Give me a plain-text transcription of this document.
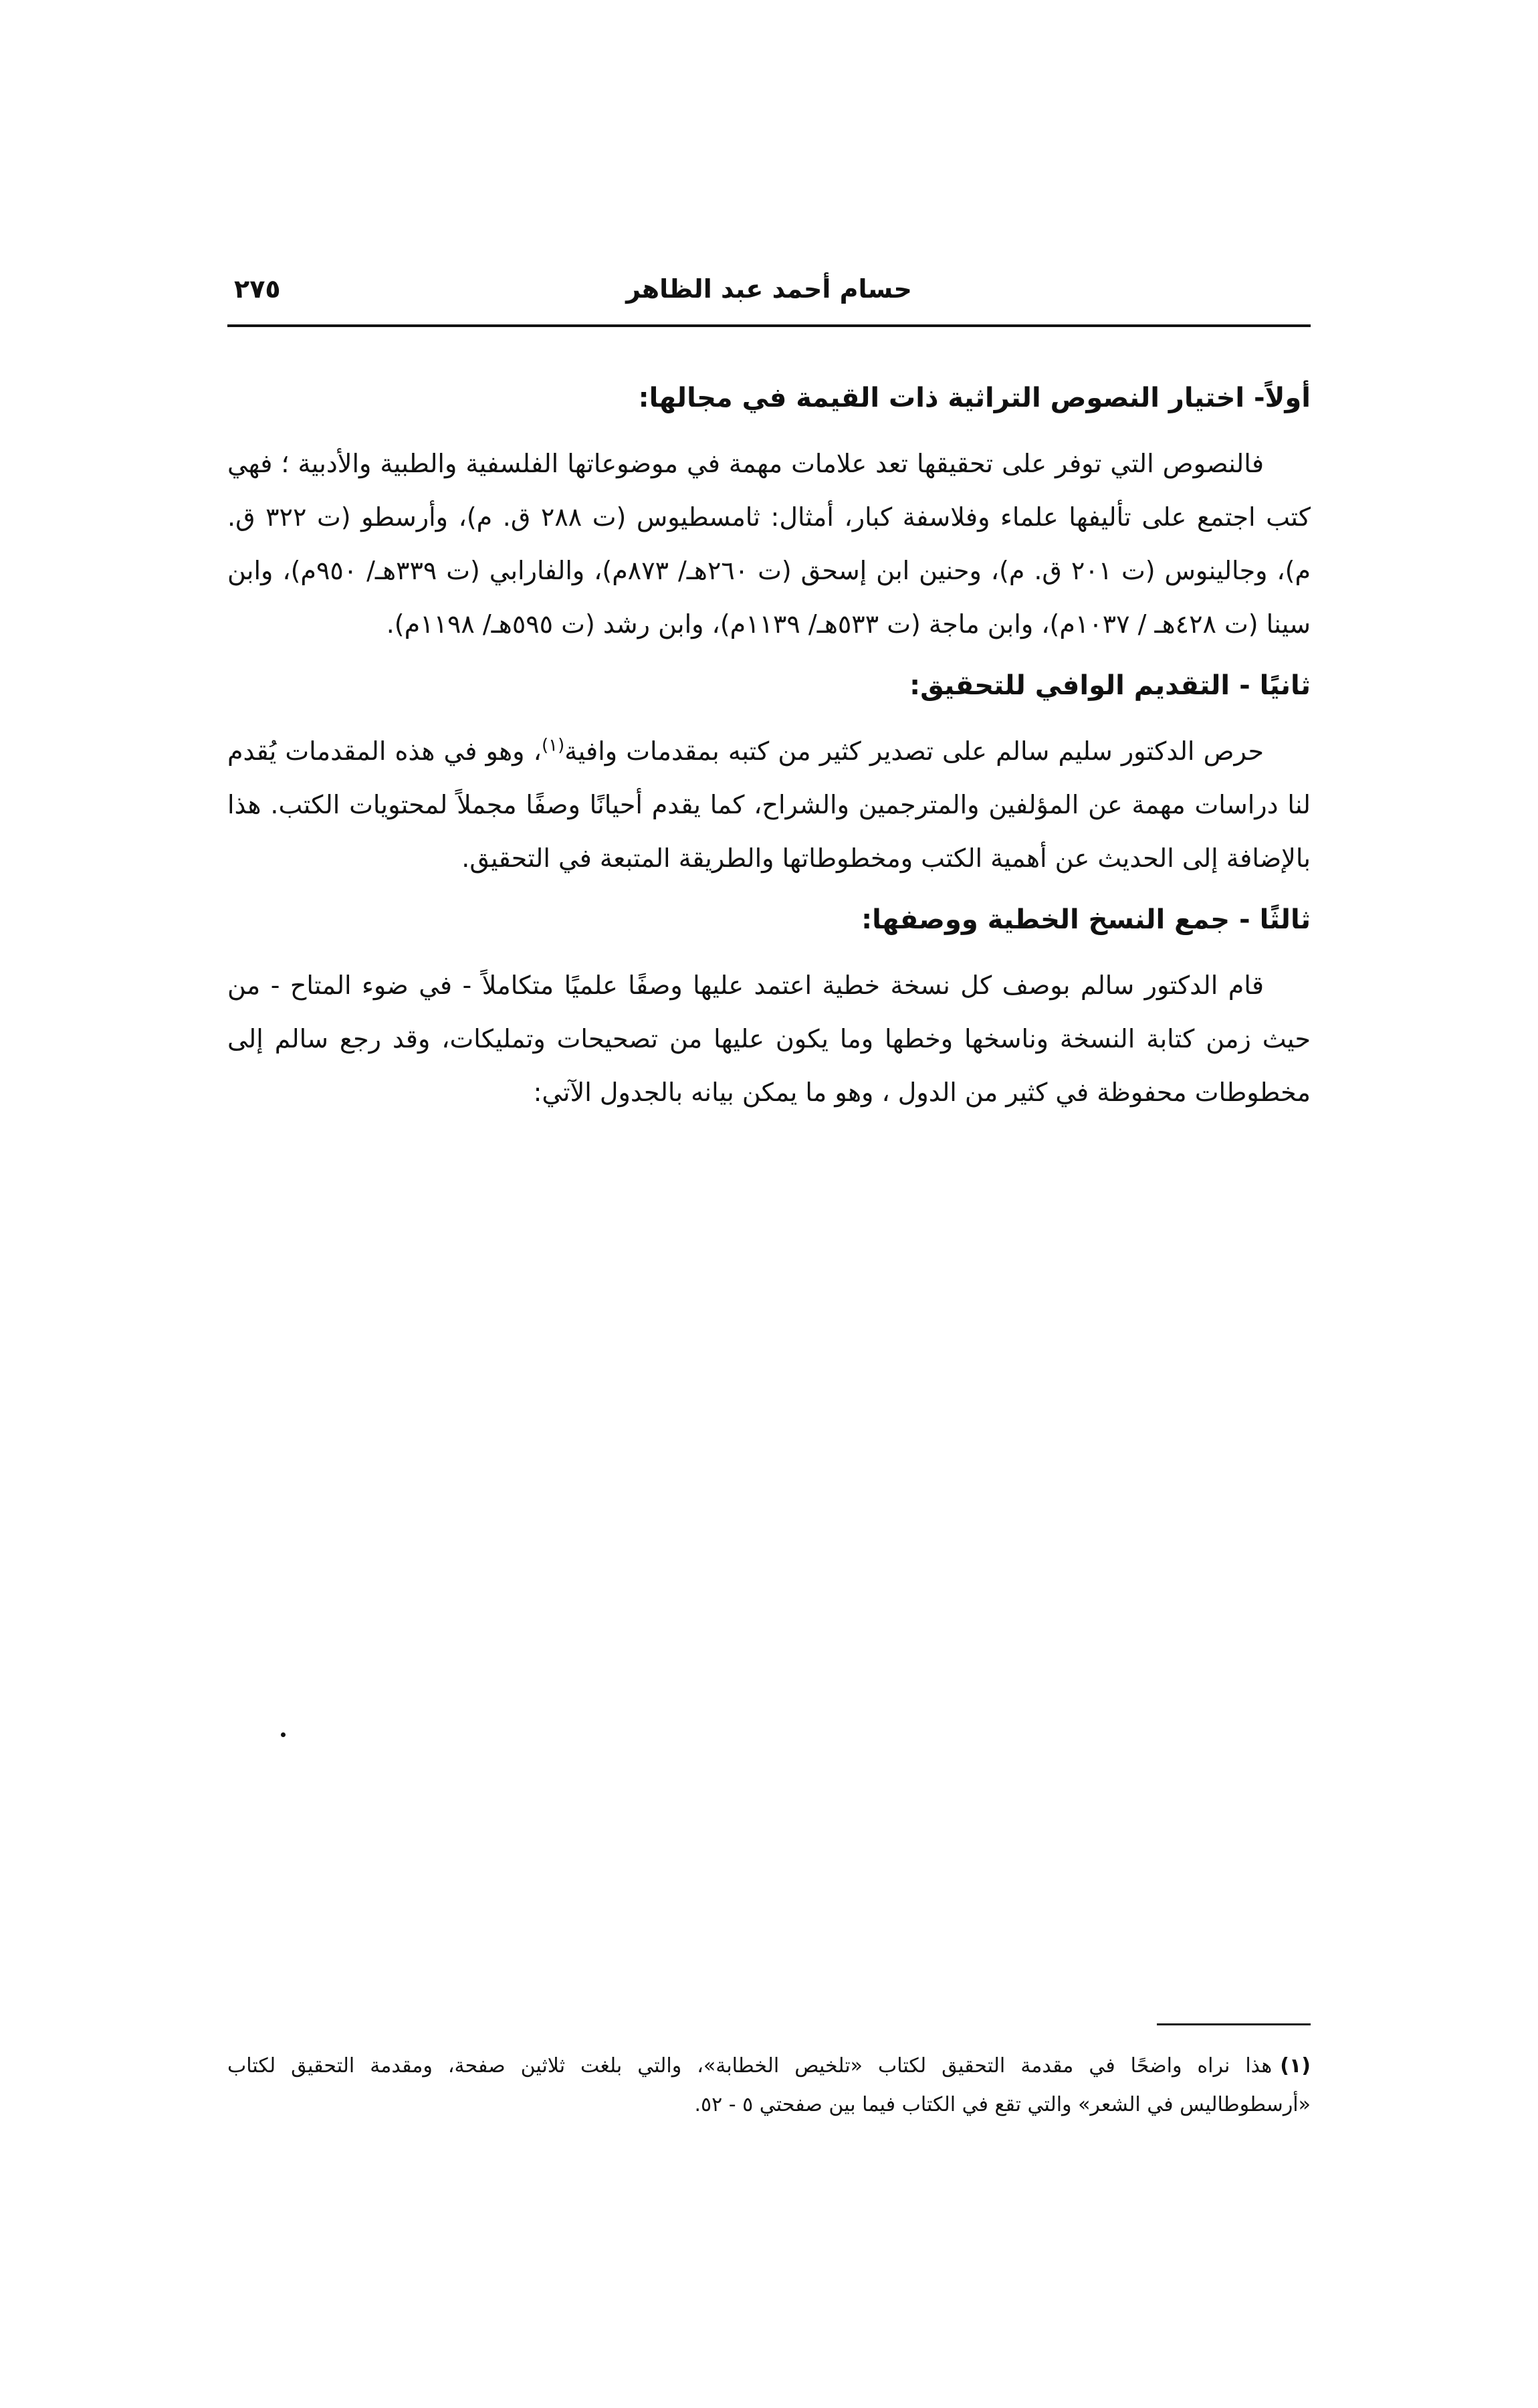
حسام أحمد عبد الظاهر
٢٧٥
أولاً- اختيار النصوص التراثية ذات القيمة في مجالها:

فالنصوص التي توفر على تحقيقها تعد علامات مهمة في موضوعاتها الفلسفية والطبية والأدبية ؛ فهي كتب اجتمع على تأليفها علماء وفلاسفة كبار، أمثال: ثامسطيوس (ت ٢٨٨ ق. م)، وأرسطو (ت ٣٢٢ ق. م)، وجالينوس (ت ٢٠١ ق. م)، وحنين ابن إسحق (ت ٢٦٠هـ/ ٨٧٣م)، والفارابي (ت ٣٣٩هـ/ ٩٥٠م)، وابن سينا (ت ٤٢٨هـ / ١٠٣٧م)، وابن ماجة (ت ٥٣٣هـ/ ١١٣٩م)، وابن رشد (ت ٥٩٥هـ/ ١١٩٨م).

ثانيًا - التقديم الوافي للتحقيق:

حرص الدكتور سليم سالم على تصدير كثير من كتبه بمقدمات وافية$^{(١)}$، وهو في هذه المقدمات يُقدم لنا دراسات مهمة عن المؤلفين والمترجمين والشراح، كما يقدم أحيانًا وصفًا مجملاً لمحتويات الكتب. هذا بالإضافة إلى الحديث عن أهمية الكتب ومخطوطاتها والطريقة المتبعة في التحقيق.

ثالثًا - جمع النسخ الخطية ووصفها:

قام الدكتور سالم بوصف كل نسخة خطية اعتمد عليها وصفًا علميًا متكاملاً - في ضوء المتاح - من حيث زمن كتابة النسخة وناسخها وخطها وما يكون عليها من تصحيحات وتمليكات، وقد رجع سالم إلى مخطوطات محفوظة في كثير من الدول ، وهو ما يمكن بيانه بالجدول الآتي:

(١)هذا نراه واضحًا في مقدمة التحقيق لكتاب «تلخيص الخطابة»، والتي بلغت ثلاثين صفحة، ومقدمة التحقيق لكتاب «أرسطوطاليس في الشعر» والتي تقع في الكتاب فيما بين صفحتي ٥ - ٥٢.
